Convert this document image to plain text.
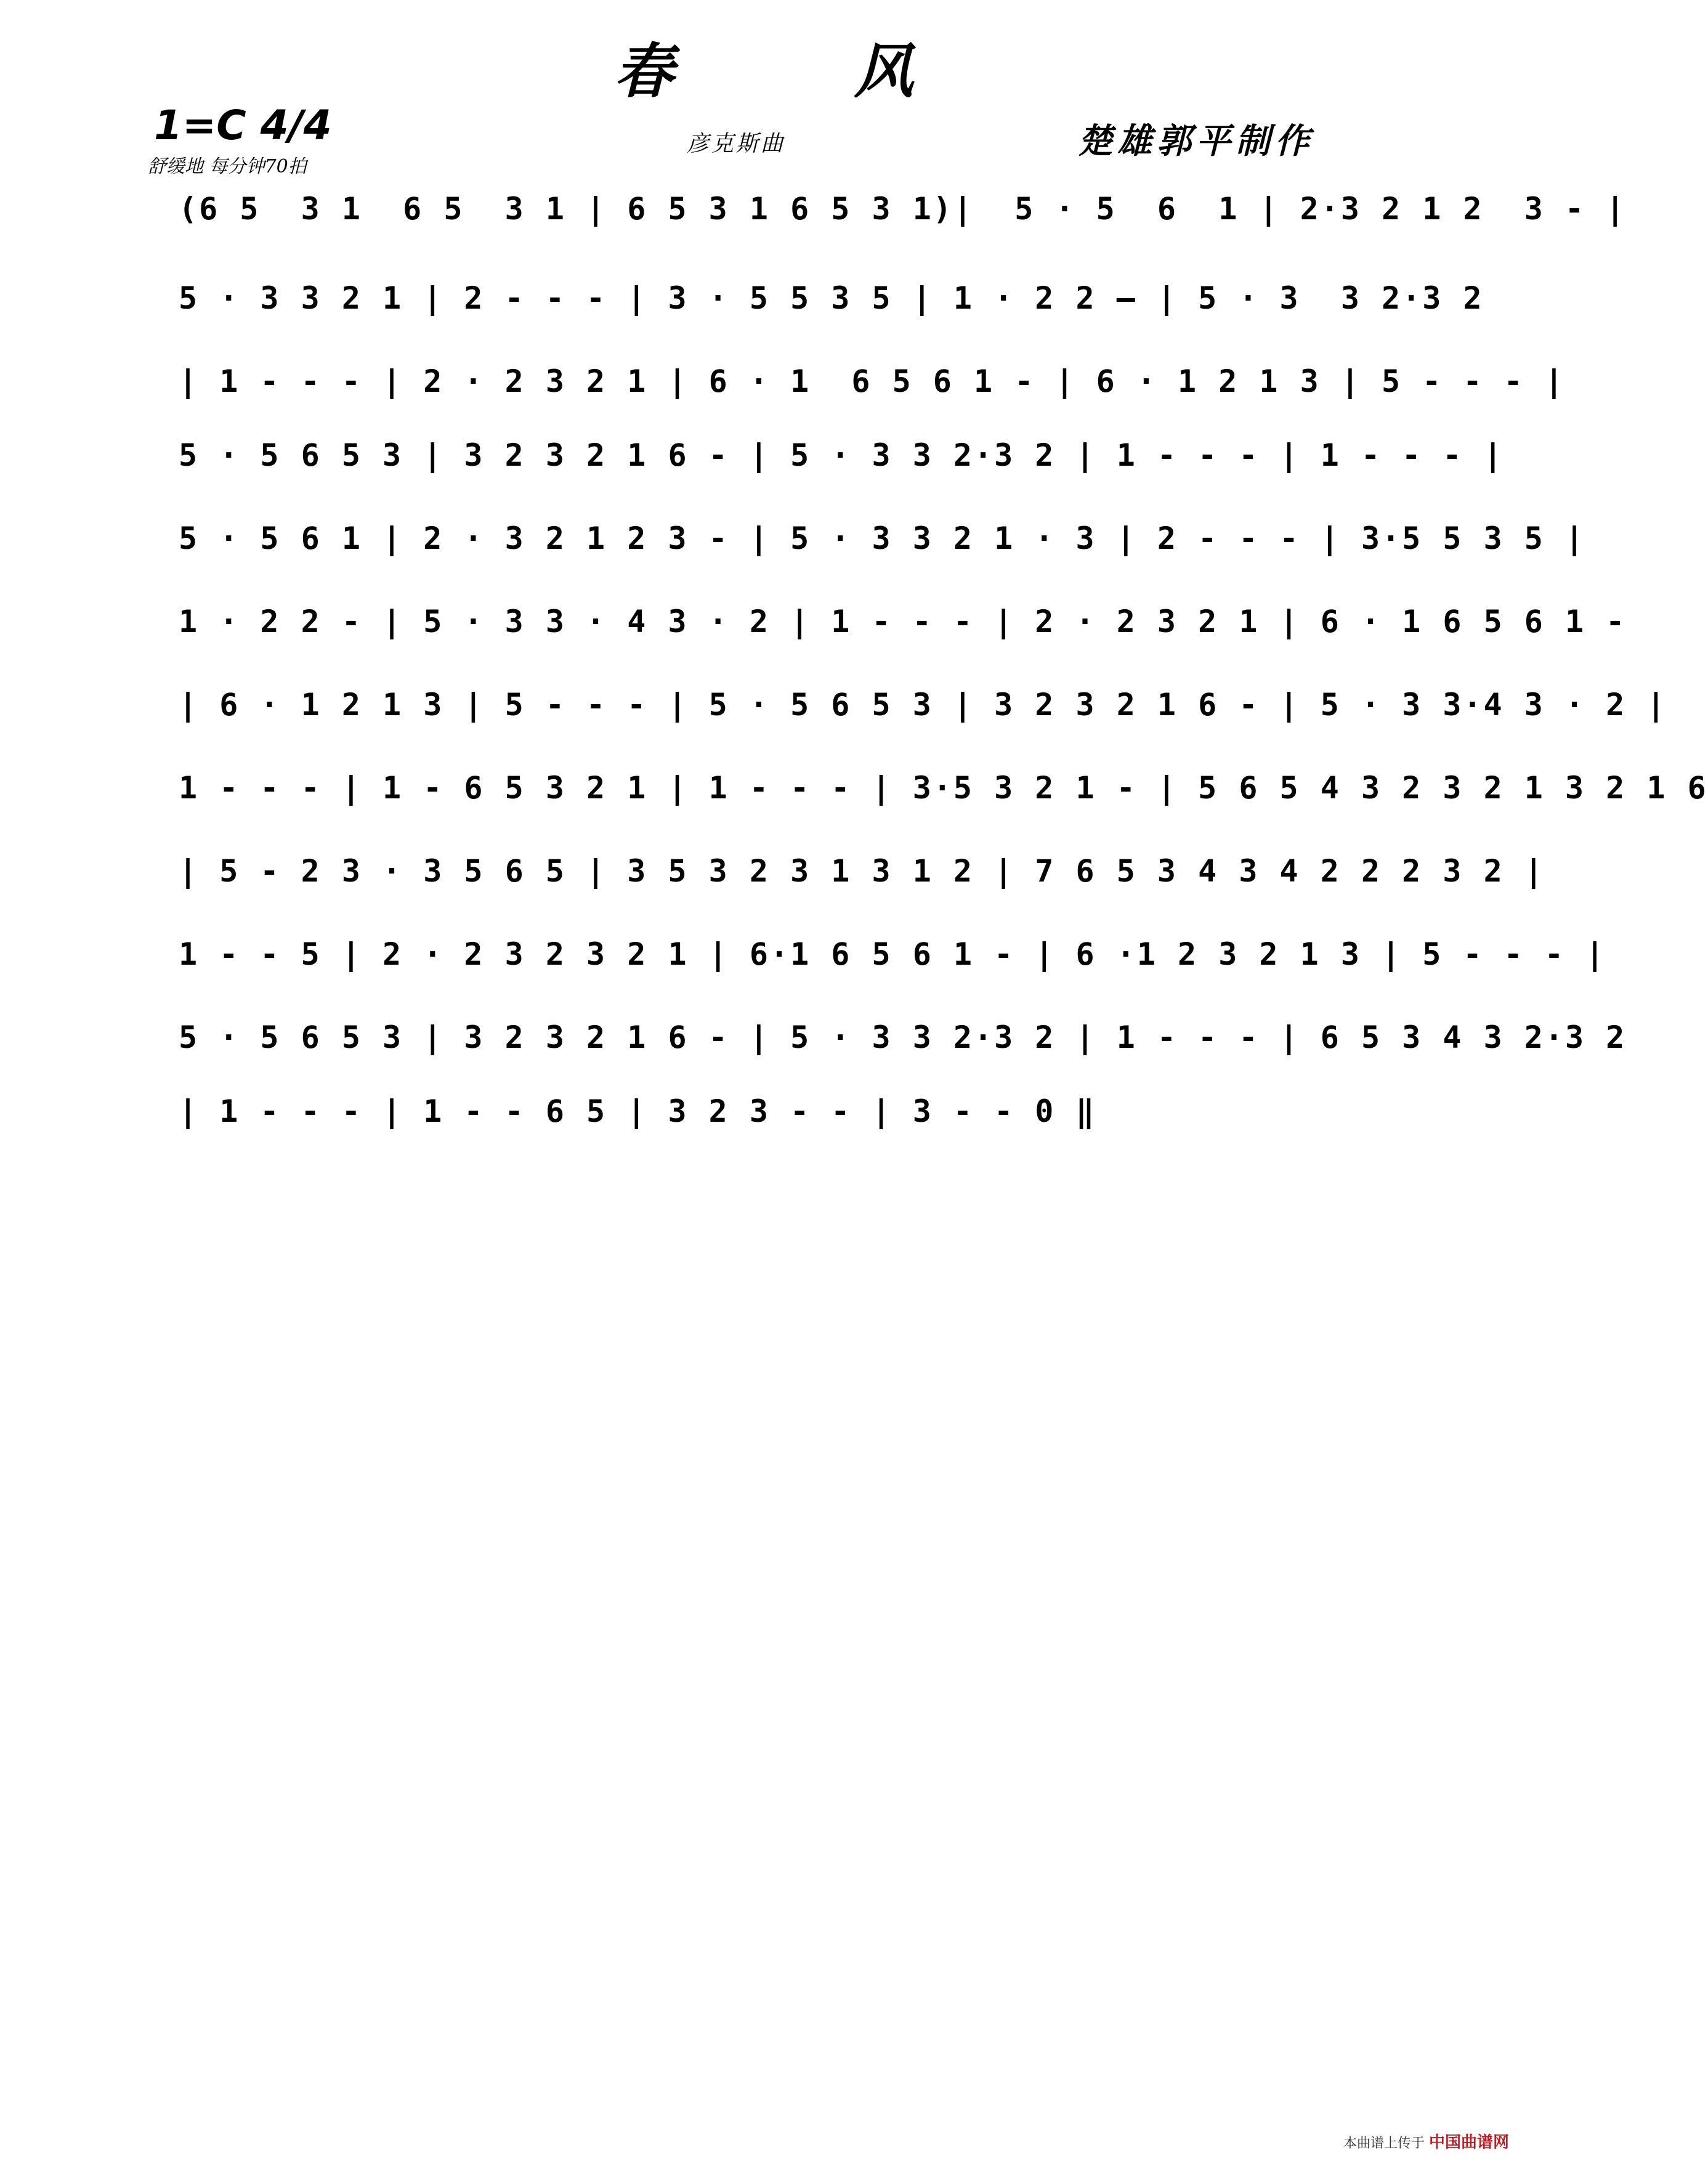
春 风
1=C 4/4
舒缓地 每分钟70拍
彦克斯曲	楚雄郭平制作
(6 5  3 1  6 5  3 1 | 6 5 3 1 6 5 3 1)|  5 · 5  6  1 | 2·3 2 1 2  3 - |
5 · 3 3 2 1 | 2 - - - | 3 · 5 5 3 5 | 1 · 2 2 — | 5 · 3  3 2·3 2
| 1 - - - | 2 · 2 3 2 1 | 6 · 1  6 5 6 1 - | 6 · 1 2 1 3 | 5 - - - |
5 · 5 6 5 3 | 3 2 3 2 1 6 - | 5 · 3 3 2·3 2 | 1 - - - | 1 - - - |
5 · 5 6 1 | 2 · 3 2 1 2 3 - | 5 · 3 3 2 1 · 3 | 2 - - - | 3·5 5 3 5 |
1 · 2 2 - | 5 · 3 3 · 4 3 · 2 | 1 - - - | 2 · 2 3 2 1 | 6 · 1 6 5 6 1 -
| 6 · 1 2 1 3 | 5 - - - | 5 · 5 6 5 3 | 3 2 3 2 1 6 - | 5 · 3 3·4 3 · 2 |
1 - - - | 1 - 6 5 3 2 1 | 1 - - - | 3·5 3 2 1 - | 5 6 5 4 3 2 3 2 1 3 2 1 6
| 5 - 2 3 · 3 5 6 5 | 3 5 3 2 3 1 3 1 2 | 7 6 5 3 4 3 4 2 2 2 3 2 |
1 - - 5 | 2 · 2 3 2 3 2 1 | 6·1 6 5 6 1 - | 6 ·1 2 3 2 1 3 | 5 - - - |
5 · 5 6 5 3 | 3 2 3 2 1 6 - | 5 · 3 3 2·3 2 | 1 - - - | 6 5 3 4 3 2·3 2
| 1 - - - | 1 - - 6 5 | 3 2 3 - - | 3 - - 0 ‖
本曲谱上传于 中国曲谱网
